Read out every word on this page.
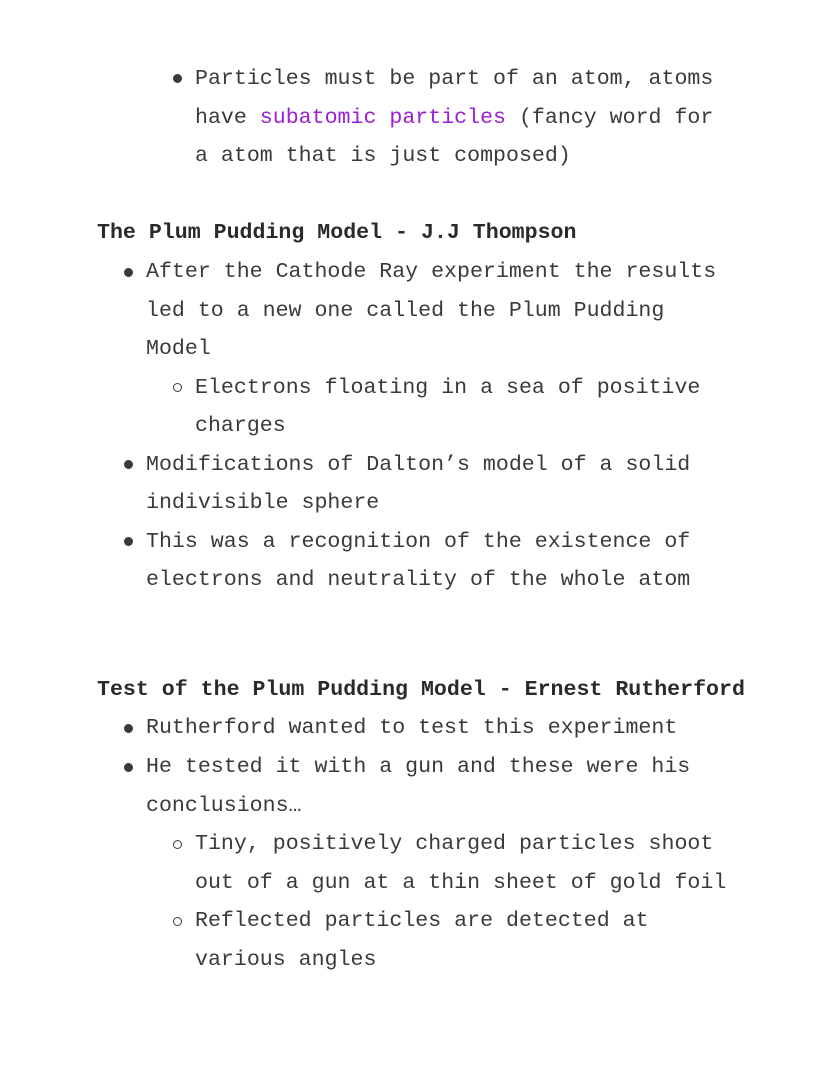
Particles must be part of an atom, atoms
have subatomic particles (fancy word for
a atom that is just composed)
The Plum Pudding Model - J.J Thompson
After the Cathode Ray experiment the results
led to a new one called the Plum Pudding
Model
Electrons floating in a sea of positive
charges
Modifications of Dalton’s model of a solid
indivisible sphere
This was a recognition of the existence of
electrons and neutrality of the whole atom
Test of the Plum Pudding Model - Ernest Rutherford
Rutherford wanted to test this experiment
He tested it with a gun and these were his
conclusions…
Tiny, positively charged particles shoot
out of a gun at a thin sheet of gold foil
Reflected particles are detected at
various angles
